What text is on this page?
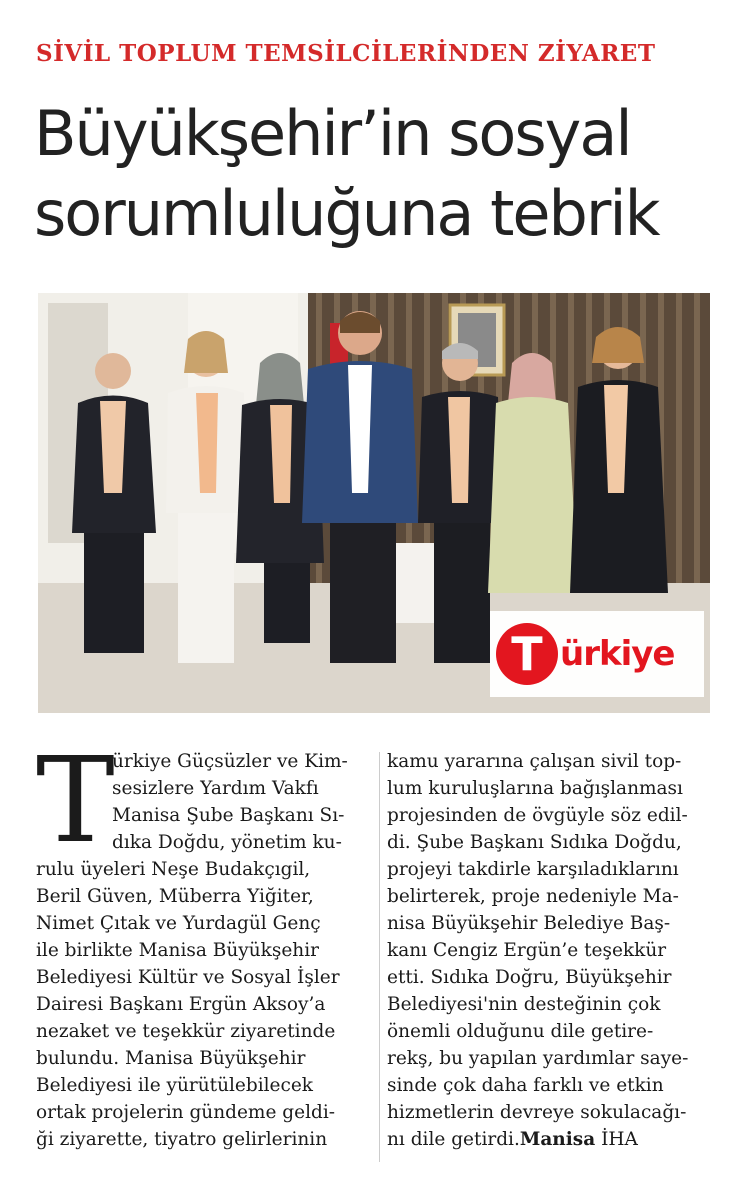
SİVİL TOPLUM TEMSİLCİLERİNDEN ZİYARET
Büyükşehir’in sosyal
sorumluluğuna tebrik
T ürkiye
T
ürkiye Güçsüzler ve Kim-
sesizlere Yardım Vakfı
Manisa Şube Başkanı Sı-
dıka Doğdu, yönetim ku-
rulu üyeleri Neşe Budakçıgil,
Beril Güven, Müberra Yiğiter,
Nimet Çıtak ve Yurdagül Genç
ile birlikte Manisa Büyükşehir
Belediyesi Kültür ve Sosyal İşler
Dairesi Başkanı Ergün Aksoy’a
nezaket ve teşekkür ziyaretinde
bulundu. Manisa Büyükşehir
Belediyesi ile yürütülebilecek
ortak projelerin gündeme geldi-
ği ziyarette, tiyatro gelirlerinin
kamu yararına çalışan sivil top-
lum kuruluşlarına bağışlanması
projesinden de övgüyle söz edil-
di. Şube Başkanı Sıdıka Doğdu,
projeyi takdirle karşıladıklarını
belirterek, proje nedeniyle Ma-
nisa Büyükşehir Belediye Baş-
kanı Cengiz Ergün’e teşekkür
etti. Sıdıka Doğru, Büyükşehir
Belediyesi'nin desteğinin çok
önemli olduğunu dile getire-
rekş, bu yapılan yardımlar saye-
sinde çok daha farklı ve etkin
hizmetlerin devreye sokulacağı-
nı dile getirdi.Manisa İHA
